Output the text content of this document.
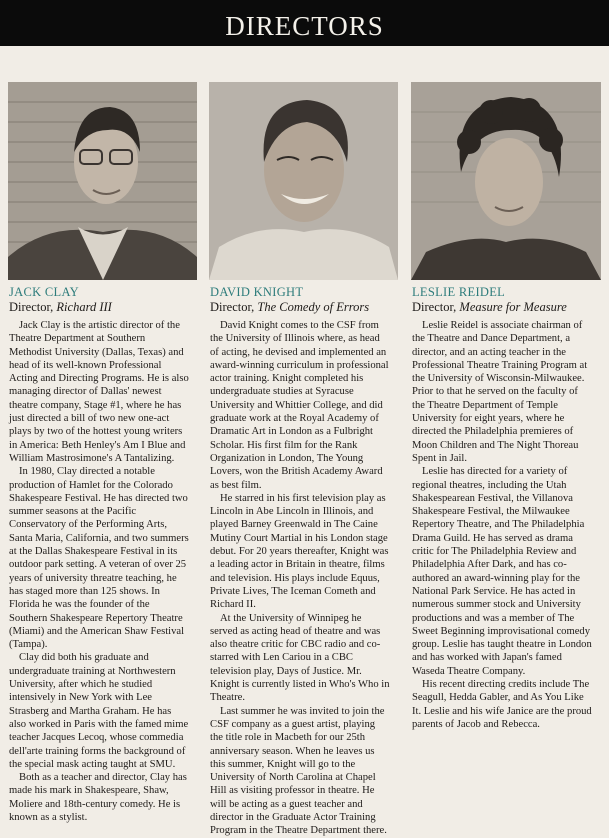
DIRECTORS
JACK CLAY
Director, Richard III
DAVID KNIGHT
Director, The Comedy of Errors
LESLIE REIDEL
Director, Measure for Measure

Jack Clay is the artistic director of the Theatre Department at Southern Methodist University (Dallas, Texas) and head of its well-known Professional Acting and Directing Programs. He is also managing director of Dallas' newest theatre company, Stage #1, where he has just directed a bill of two new one-act plays by two of the hottest young writers in America: Beth Henley's Am I Blue and William Mastrosimone's A Tantalizing.

In 1980, Clay directed a notable production of Hamlet for the Colorado Shakespeare Festival. He has directed two summer seasons at the Pacific Conservatory of the Performing Arts, Santa Maria, California, and two summers at the Dallas Shakespeare Festival in its outdoor park setting. A veteran of over 25 years of university threatre teaching, he has staged more than 125 shows. In Florida he was the founder of the Southern Shakespeare Repertory Theatre (Miami) and the American Shaw Festival (Tampa).

Clay did both his graduate and undergraduate training at Northwestern University, after which he studied intensively in New York with Lee Strasberg and Martha Graham. He has also worked in Paris with the famed mime teacher Jacques Lecoq, whose commedia dell'arte training forms the background of the special mask acting taught at SMU.

Both as a teacher and director, Clay has made his mark in Shakespeare, Shaw, Moliere and 18th-century comedy. He is known as a stylist.

David Knight comes to the CSF from the University of Illinois where, as head of acting, he devised and implemented an award-winning curriculum in professional actor training. Knight completed his undergraduate studies at Syracuse University and Whittier College, and did graduate work at the Royal Academy of Dramatic Art in London as a Fulbright Scholar. His first film for the Rank Organization in London, The Young Lovers, won the British Academy Award as best film.

He starred in his first television play as Lincoln in Abe Lincoln in Illinois, and played Barney Greenwald in The Caine Mutiny Court Martial in his London stage debut. For 20 years thereafter, Knight was a leading actor in Britain in theatre, films and television. His plays include Equus, Private Lives, The Iceman Cometh and Richard II.

At the University of Winnipeg he served as acting head of theatre and was also theatre critic for CBC radio and co-starred with Len Cariou in a CBC television play, Days of Justice. Mr. Knight is currently listed in Who's Who in Theatre.

Last summer he was invited to join the CSF company as a guest artist, playing the title role in Macbeth for our 25th anniversary season. When he leaves us this summer, Knight will go to the University of North Carolina at Chapel Hill as visiting professor in theatre. He will be acting as a guest teacher and director in the Graduate Actor Training Program in the Theatre Department there.

Leslie Reidel is associate chairman of the Theatre and Dance Department, a director, and an acting teacher in the Professional Theatre Training Program at the University of Wisconsin-Milwaukee. Prior to that he served on the faculty of the Theatre Department of Temple University for eight years, where he directed the Philadelphia premieres of Moon Children and The Night Thoreau Spent in Jail.

Leslie has directed for a variety of regional theatres, including the Utah Shakespearean Festival, the Villanova Shakespeare Festival, the Milwaukee Repertory Theatre, and The Philadelphia Drama Guild. He has served as drama critic for The Philadelphia Review and Philadelphia After Dark, and has co-authored an award-winning play for the National Park Service. He has acted in numerous summer stock and University productions and was a member of The Sweet Beginning improvisational comedy group. Leslie has taught theatre in London and has worked with Japan's famed Waseda Theatre Company.

His recent directing credits include The Seagull, Hedda Gabler, and As You Like It. Leslie and his wife Janice are the proud parents of Jacob and Rebecca.
